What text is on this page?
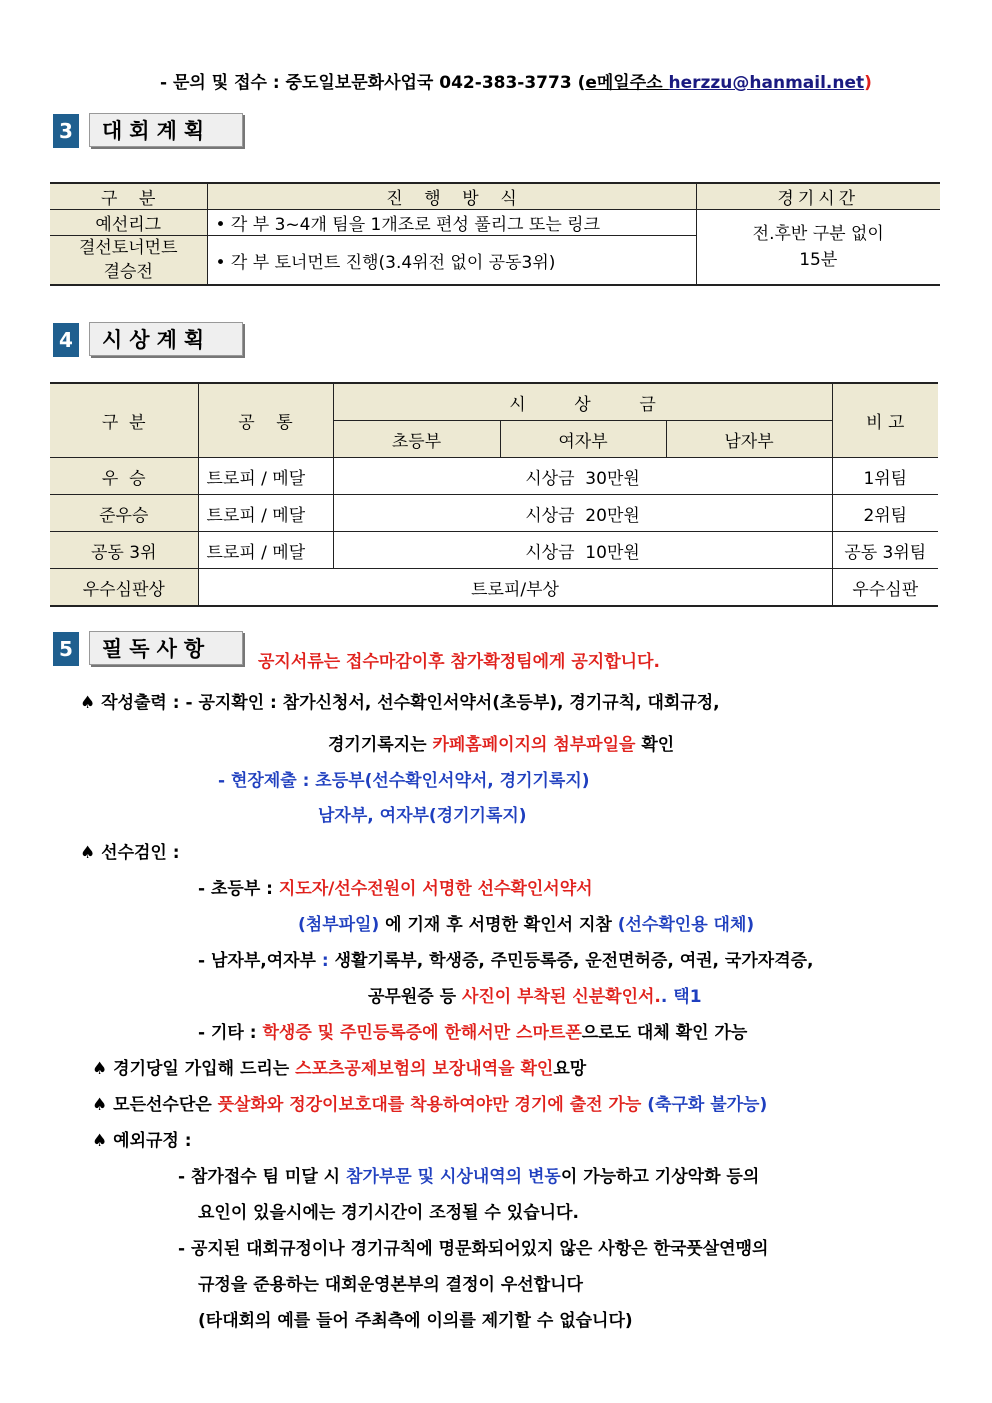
- 문의 및 접수 : 중도일보문화사업국 042-383-3773 (e메일주소 herzzu@hanmail.net)
3	대회계획
구    분	진    행    방    식	경기시간
예선리그	• 각 부 3~4개 팀을 1개조로 편성 풀리그 또는 링크	전.후반 구분 없이
15분
결선토너먼트
결승전	• 각 부 토너먼트 진행(3.4위전 없이 공동3위)	
4	시상계획
구  분	공    통	시         상         금			비 고
		초등부	여자부	남자부	
우  승	트로피 / 메달	시상금  30만원			1위팀
준우승	트로피 / 메달	시상금  20만원			2위팀
공동 3위	트로피 / 메달	시상금  10만원			공동 3위팀
우수심판상	트로피/부상				우수심판
5	필독사항
공지서류는 접수마감이후 참가확정팀에게 공지합니다.
♠ 작성출력 : - 공지확인 : 참가신청서, 선수확인서약서(초등부), 경기규칙, 대회규정,
경기기록지는 카페홈페이지의 첨부파일을 확인
- 현장제출 : 초등부(선수확인서약서, 경기기록지)
남자부, 여자부(경기기록지)
♠ 선수검인 :
- 초등부 : 지도자/선수전원이 서명한 선수확인서약서
(첨부파일) 에 기재 후 서명한 확인서 지참 (선수확인용 대체)
- 남자부,여자부 : 생활기록부, 학생증, 주민등록증, 운전면허증, 여권, 국가자격증,
공무원증 등 사진이 부착된 신분확인서.. 택1
- 기타 : 학생증 및 주민등록증에 한해서만 스마트폰으로도 대체 확인 가능
♠ 경기당일 가입해 드리는 스포츠공제보험의 보장내역을 확인요망
♠ 모든선수단은 풋살화와 정강이보호대를 착용하여야만 경기에 출전 가능 (축구화 불가능)
♠ 예외규정 :
- 참가접수 팀 미달 시 참가부문 및 시상내역의 변동이 가능하고 기상악화 등의
요인이 있을시에는 경기시간이 조정될 수 있습니다.
- 공지된 대회규정이나 경기규칙에 명문화되어있지 않은 사항은 한국풋살연맹의
규정을 준용하는 대회운영본부의 결정이 우선합니다
(타대회의 예를 들어 주최측에 이의를 제기할 수 없습니다)
